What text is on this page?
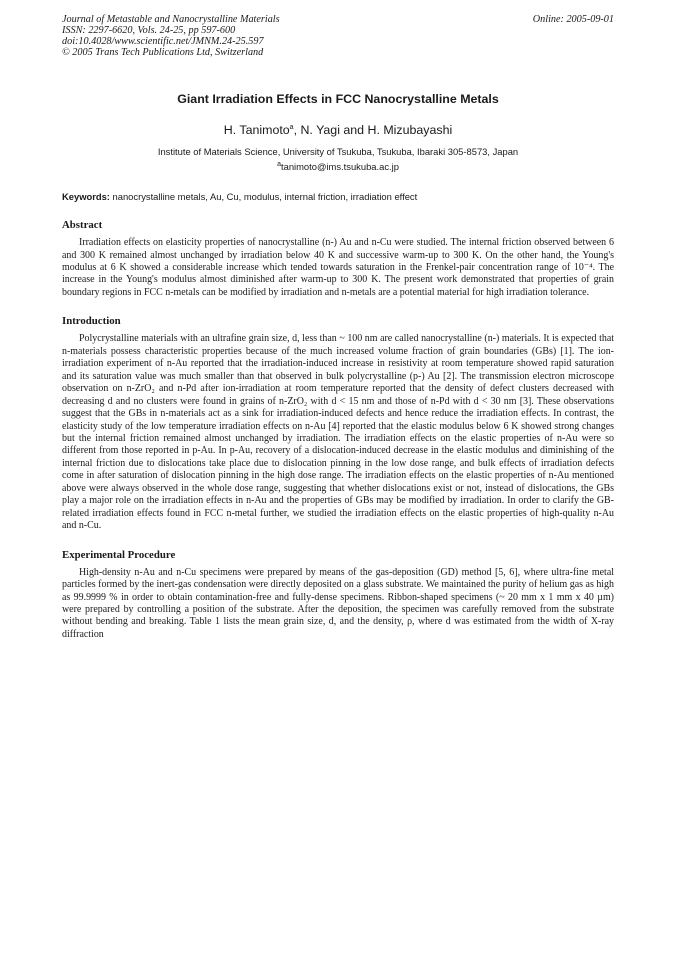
Journal of Metastable and Nanocrystalline Materials
ISSN: 2297-6620, Vols. 24-25, pp 597-600
doi:10.4028/www.scientific.net/JMNM.24-25.597
© 2005 Trans Tech Publications Ltd, Switzerland
Online: 2005-09-01
Giant Irradiation Effects in FCC Nanocrystalline Metals
H. Tanimoto$^a$, N. Yagi and H. Mizubayashi
Institute of Materials Science, University of Tsukuba, Tsukuba, Ibaraki 305-8573, Japan
$^a$tanimoto@ims.tsukuba.ac.jp
Keywords: nanocrystalline metals, Au, Cu, modulus, internal friction, irradiation effect
Abstract
Irradiation effects on elasticity properties of nanocrystalline (n-) Au and n-Cu were studied. The internal friction observed between 6 and 300 K remained almost unchanged by irradiation below 40 K and successive warm-up to 300 K. On the other hand, the Young's modulus at 6 K showed a considerable increase which tended towards saturation in the Frenkel-pair concentration range of 10⁻⁴. The increase in the Young's modulus almost diminished after warm-up to 300 K. The present work demonstrated that properties of grain boundary regions in FCC n-metals can be modified by irradiation and n-metals are a potential material for high irradiation tolerance.
Introduction
Polycrystalline materials with an ultrafine grain size, d, less than ~ 100 nm are called nanocrystalline (n-) materials. It is expected that n-materials possess characteristic properties because of the much increased volume fraction of grain boundaries (GBs) [1]. The ion-irradiation experiment of n-Au reported that the irradiation-induced increase in resistivity at room temperature showed rapid saturation and its saturation value was much smaller than that observed in bulk polycrystalline (p-) Au [2]. The transmission electron microscope observation on n-ZrO₂ and n-Pd after ion-irradiation at room temperature reported that the density of defect clusters decreased with decreasing d and no clusters were found in grains of n-ZrO₂ with d < 15 nm and those of n-Pd with d < 30 nm [3]. These observations suggest that the GBs in n-materials act as a sink for irradiation-induced defects and hence reduce the irradiation effects. In contrast, the elasticity study of the low temperature irradiation effects on n-Au [4] reported that the elastic modulus below 6 K showed strong changes but the internal friction remained almost unchanged by irradiation. The irradiation effects on the elastic properties of n-Au were so different from those reported in p-Au. In p-Au, recovery of a dislocation-induced decrease in the elastic modulus and diminishing of the internal friction due to dislocations take place due to dislocation pinning in the low dose range, and bulk effects of irradiation defects come in after saturation of dislocation pinning in the high dose range. The irradiation effects on the elastic properties of n-Au mentioned above were always observed in the whole dose range, suggesting that whether dislocations exist or not, instead of dislocations, the GBs play a major role on the irradiation effects in n-Au and the properties of GBs may be modified by irradiation. In order to clarify the GB-related irradiation effects found in FCC n-metal further, we studied the irradiation effects on the elastic properties of high-quality n-Au and n-Cu.
Experimental Procedure
High-density n-Au and n-Cu specimens were prepared by means of the gas-deposition (GD) method [5, 6], where ultra-fine metal particles formed by the inert-gas condensation were directly deposited on a glass substrate. We maintained the purity of helium gas as high as 99.9999 % in order to obtain contamination-free and fully-dense specimens. Ribbon-shaped specimens (~ 20 mm x 1 mm x 40 µm) were prepared by controlling a position of the substrate. After the deposition, the specimen was carefully removed from the substrate without bending and breaking. Table 1 lists the mean grain size, d, and the density, ρ, where d was estimated from the width of X-ray diffraction
